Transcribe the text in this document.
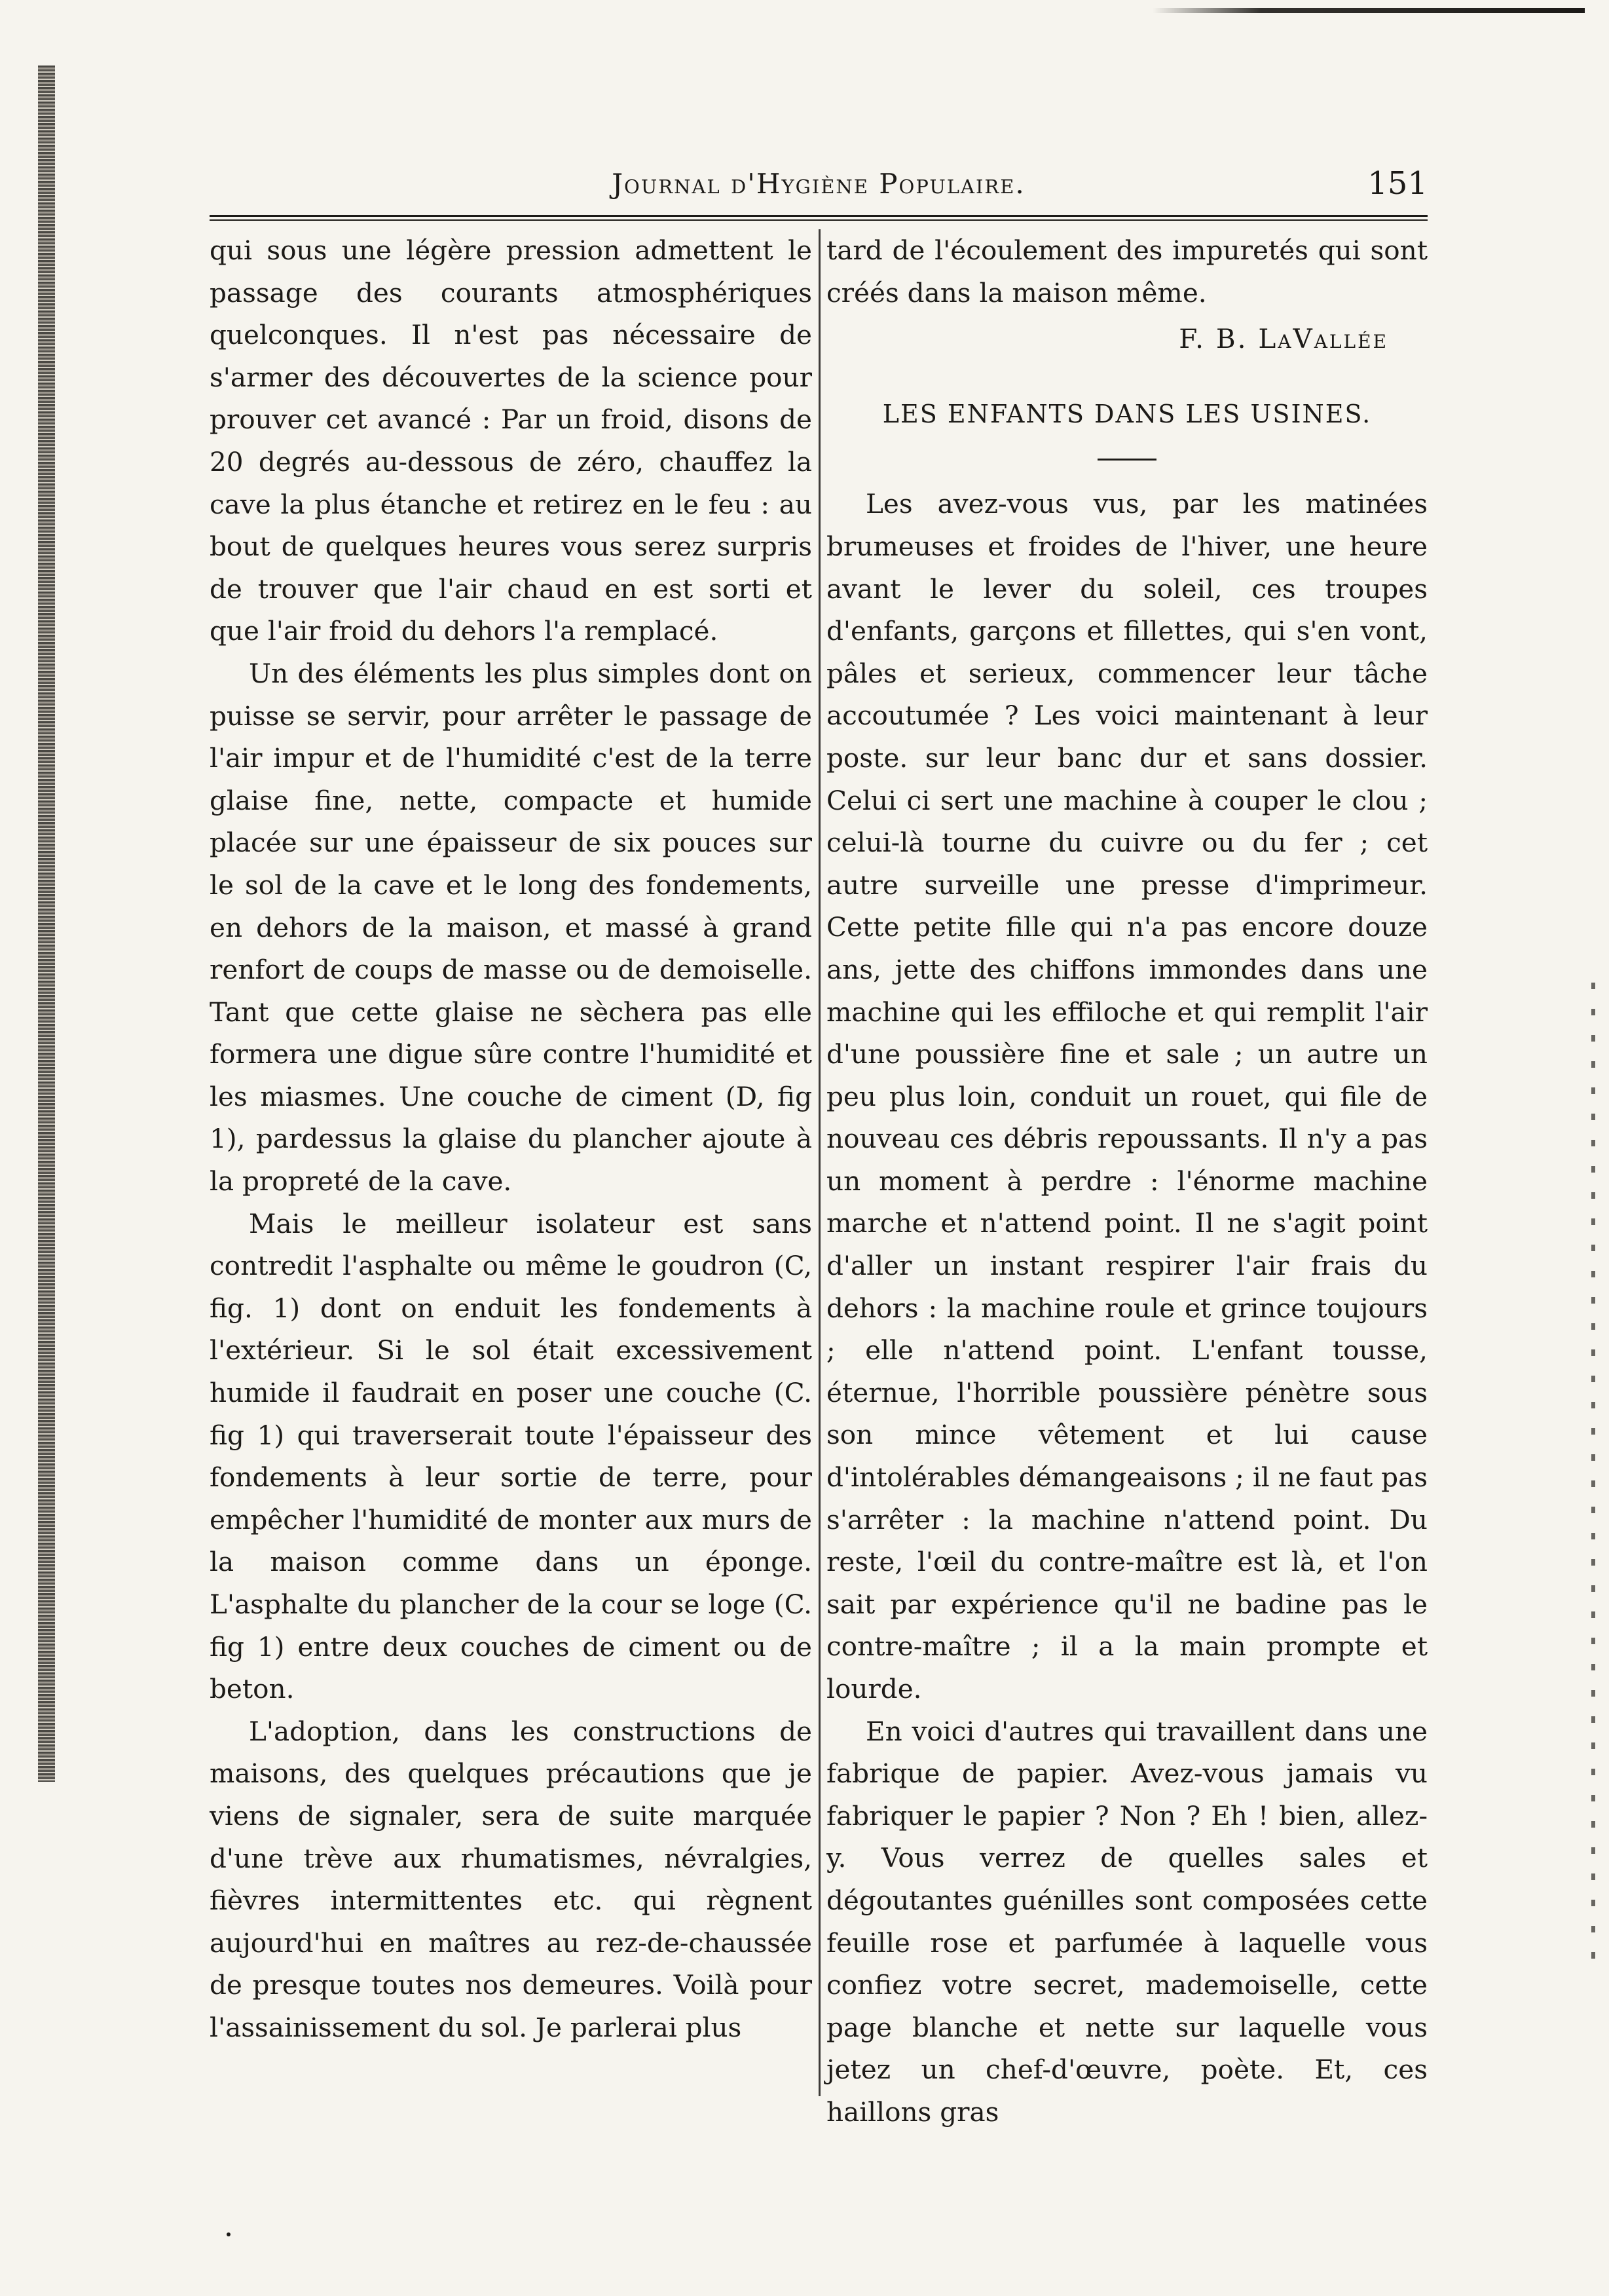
Journal d'Hygiène Populaire.	151

qui sous une légère pression admettent le passage des courants atmosphériques quelconques. Il n'est pas nécessaire de s'armer des découvertes de la science pour prouver cet avancé : Par un froid, disons de 20 degrés au-dessous de zéro, chauffez la cave la plus étanche et retirez en le feu : au bout de quelques heures vous serez surpris de trouver que l'air chaud en est sorti et que l'air froid du dehors l'a remplacé.

Un des éléments les plus simples dont on puisse se servir, pour arrêter le passage de l'air impur et de l'humidité c'est de la terre glaise fine, nette, compacte et humide placée sur une épaisseur de six pouces sur le sol de la cave et le long des fondements, en dehors de la maison, et massé à grand renfort de coups de masse ou de demoiselle. Tant que cette glaise ne sèchera pas elle formera une digue sûre contre l'humidité et les miasmes. Une couche de ciment (D, fig 1), pardessus la glaise du plancher ajoute à la propreté de la cave.

Mais le meilleur isolateur est sans contredit l'asphalte ou même le goudron (C, fig. 1) dont on enduit les fondements à l'extérieur. Si le sol était excessivement humide il faudrait en poser une couche (C. fig 1) qui traverserait toute l'épaisseur des fondements à leur sortie de terre, pour empêcher l'humidité de monter aux murs de la maison comme dans un éponge. L'asphalte du plancher de la cour se loge (C. fig 1) entre deux couches de ciment ou de beton.

L'adoption, dans les constructions de maisons, des quelques précautions que je viens de signaler, sera de suite marquée d'une trève aux rhumatismes, névralgies, fièvres intermittentes etc. qui règnent aujourd'hui en maîtres au rez-de-chaussée de presque toutes nos demeures. Voilà pour l'assainissement du sol. Je parlerai plus

tard de l'écoulement des impuretés qui sont créés dans la maison même.

F. B. LaVallée

LES ENFANTS DANS LES USINES.

Les avez-vous vus, par les matinées brumeuses et froides de l'hiver, une heure avant le lever du soleil, ces troupes d'enfants, garçons et fillettes, qui s'en vont, pâles et serieux, commencer leur tâche accoutumée ? Les voici maintenant à leur poste. sur leur banc dur et sans dossier. Celui ci sert une machine à couper le clou ; celui-là tourne du cuivre ou du fer ; cet autre surveille une presse d'imprimeur. Cette petite fille qui n'a pas encore douze ans, jette des chiffons immondes dans une machine qui les effiloche et qui remplit l'air d'une poussière fine et sale ; un autre un peu plus loin, conduit un rouet, qui file de nouveau ces débris repoussants. Il n'y a pas un moment à perdre : l'énorme machine marche et n'attend point. Il ne s'agit point d'aller un instant respirer l'air frais du dehors : la machine roule et grince toujours ; elle n'attend point. L'enfant tousse, éternue, l'horrible poussière pénètre sous son mince vêtement et lui cause d'intolérables démangeaisons ; il ne faut pas s'arrêter : la machine n'attend point. Du reste, l'œil du contre-maître est là, et l'on sait par expérience qu'il ne badine pas le contre-maître ; il a la main prompte et lourde.

En voici d'autres qui travaillent dans une fabrique de papier. Avez-vous jamais vu fabriquer le papier ? Non ? Eh ! bien, allez-y. Vous verrez de quelles sales et dégoutantes guénilles sont composées cette feuille rose et parfumée à laquelle vous confiez votre secret, mademoiselle, cette page blanche et nette sur laquelle vous jetez un chef-d'œuvre, poète. Et, ces haillons gras
